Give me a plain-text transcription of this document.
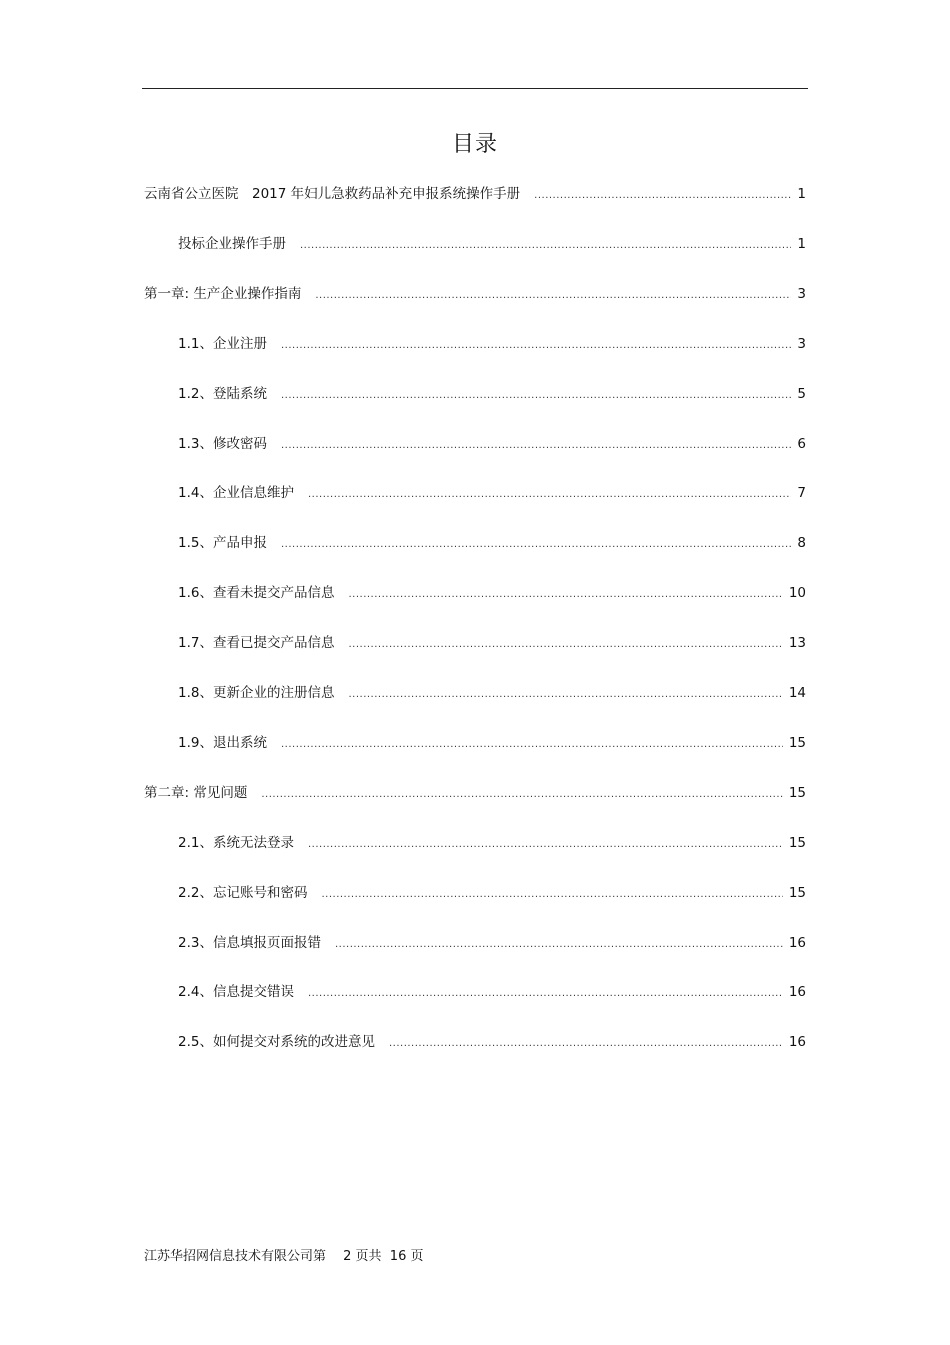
目录
云南省公立医院　2017 年妇儿急救药品补充申报系统操作手册 .....	1
投标企业操作手册 .....	1
第一章: 生产企业操作指南 .....	3
1.1、企业注册 .....	3
1.2、登陆系统 .....	5
1.3、修改密码 .....	6
1.4、企业信息维护 .....	7
1.5、产品申报 .....	8
1.6、查看未提交产品信息 .....	10
1.7、查看已提交产品信息 .....	13
1.8、更新企业的注册信息 .....	14
1.9、退出系统 .....	15
第二章: 常见问题 .....	15
2.1、系统无法登录 .....	15
2.2、忘记账号和密码 .....	15
2.3、信息填报页面报错 .....	16
2.4、信息提交错误 .....	16
2.5、如何提交对系统的改进意见 .....	16
江苏华招网信息技术有限公司第　 2 页共  16 页
